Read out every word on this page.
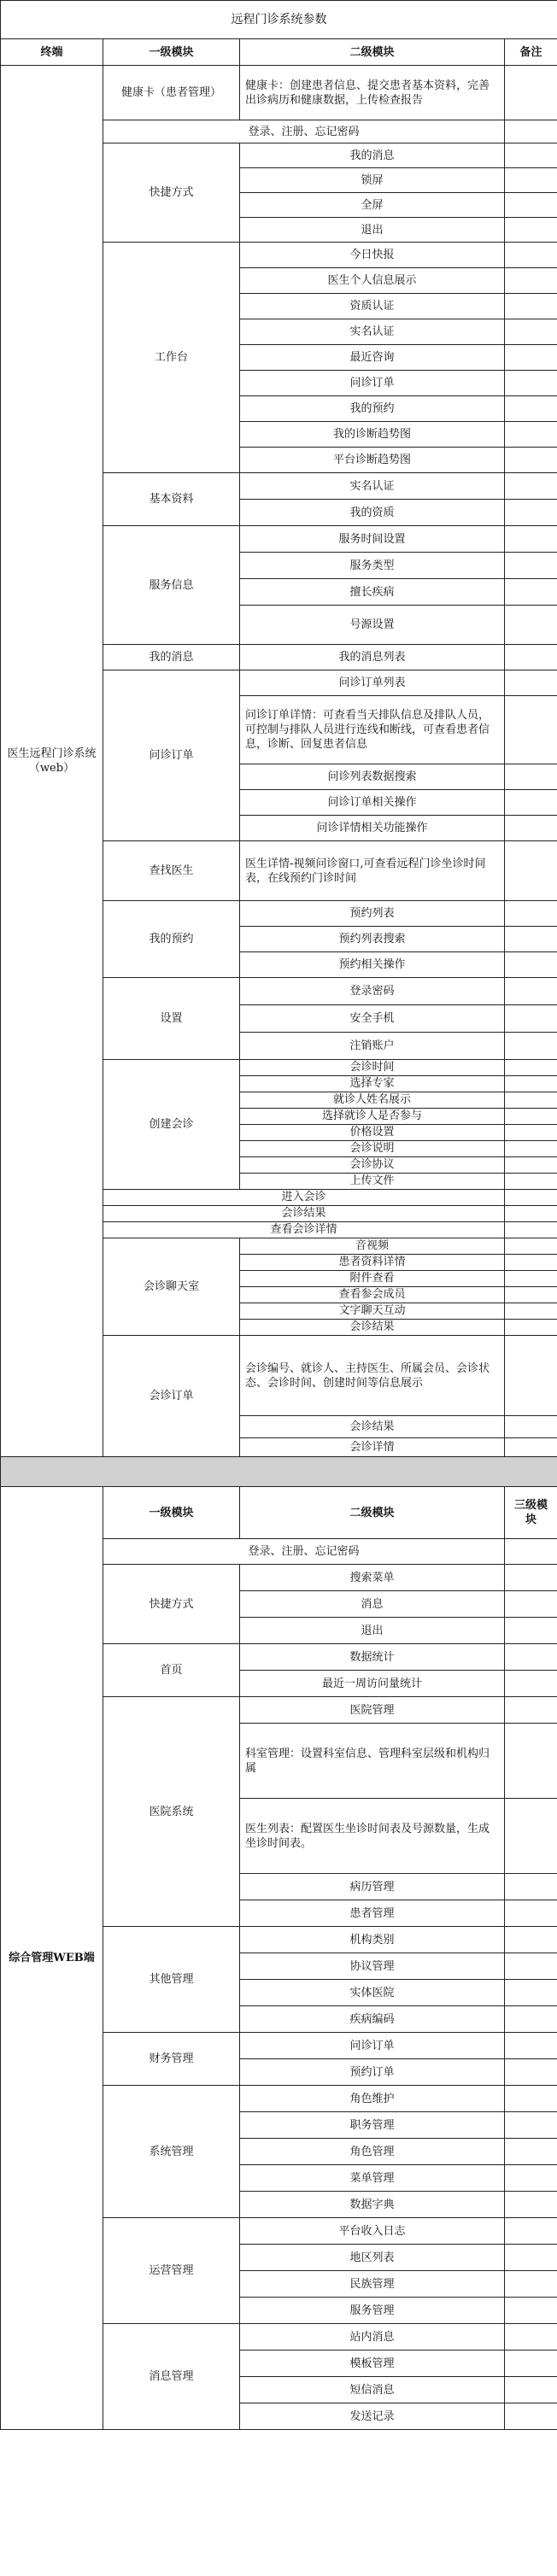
远程门诊系统参数			
终端	一级模块	二级模块	备注
医生远程门诊系统（web）	健康卡（患者管理）	健康卡：创建患者信息、提交患者基本资料，完善出诊病历和健康数据，上传检查报告	
	登录、注册、忘记密码		
	快捷方式	我的消息	
		锁屏	
		全屏	
		退出	
	工作台	今日快报	
		医生个人信息展示	
		资质认证	
		实名认证	
		最近咨询	
		问诊订单	
		我的预约	
		我的诊断趋势图	
		平台诊断趋势图	
	基本资料	实名认证	
		我的资质	
	服务信息	服务时间设置	
		服务类型	
		擅长疾病	
		号源设置	
	我的消息	我的消息列表	
	问诊订单	问诊订单列表	
		问诊订单详情：可查看当天排队信息及排队人员，可控制与排队人员进行连线和断线，可查看患者信息，诊断、回复患者信息	
		问诊列表数据搜索	
		问诊订单相关操作	
		问诊详情相关功能操作	
	查找医生	医生详情-视频问诊窗口,可查看远程门诊坐诊时间表，在线预约门诊时间	
	我的预约	预约列表	
		预约列表搜索	
		预约相关操作	
	设置	登录密码	
		安全手机	
		注销账户	
	创建会诊	会诊时间	
		选择专家	
		就诊人姓名展示	
		选择就诊人是否参与	
		价格设置	
		会诊说明	
		会诊协议	
		上传文件	
	进入会诊		
	会诊结果		
	查看会诊详情		
	会诊聊天室	音视频	
		患者资料详情	
		附件查看	
		查看参会成员	
		文字聊天互动	
		会诊结果	
	会诊订单	会诊编号、就诊人、主持医生、所属会员、会诊状态、会诊时间、创建时间等信息展示	
		会诊结果	
		会诊详情	

综合管理WEB端	一级模块	二级模块	三级模块
	登录、注册、忘记密码		
	快捷方式	搜索菜单	
		消息	
		退出	
	首页	数据统计	
		最近一周访问量统计	
	医院系统	医院管理	
		科室管理：设置科室信息、管理科室层级和机构归属	
		医生列表：配置医生坐诊时间表及号源数量，生成坐诊时间表。	
		病历管理	
		患者管理	
	其他管理	机构类别	
		协议管理	
		实体医院	
		疾病编码	
	财务管理	问诊订单	
		预约订单	
	系统管理	角色维护	
		职务管理	
		角色管理	
		菜单管理	
		数据字典	
	运营管理	平台收入日志	
		地区列表	
		民族管理	
		服务管理	
	消息管理	站内消息	
		模板管理	
		短信消息	
		发送记录	
